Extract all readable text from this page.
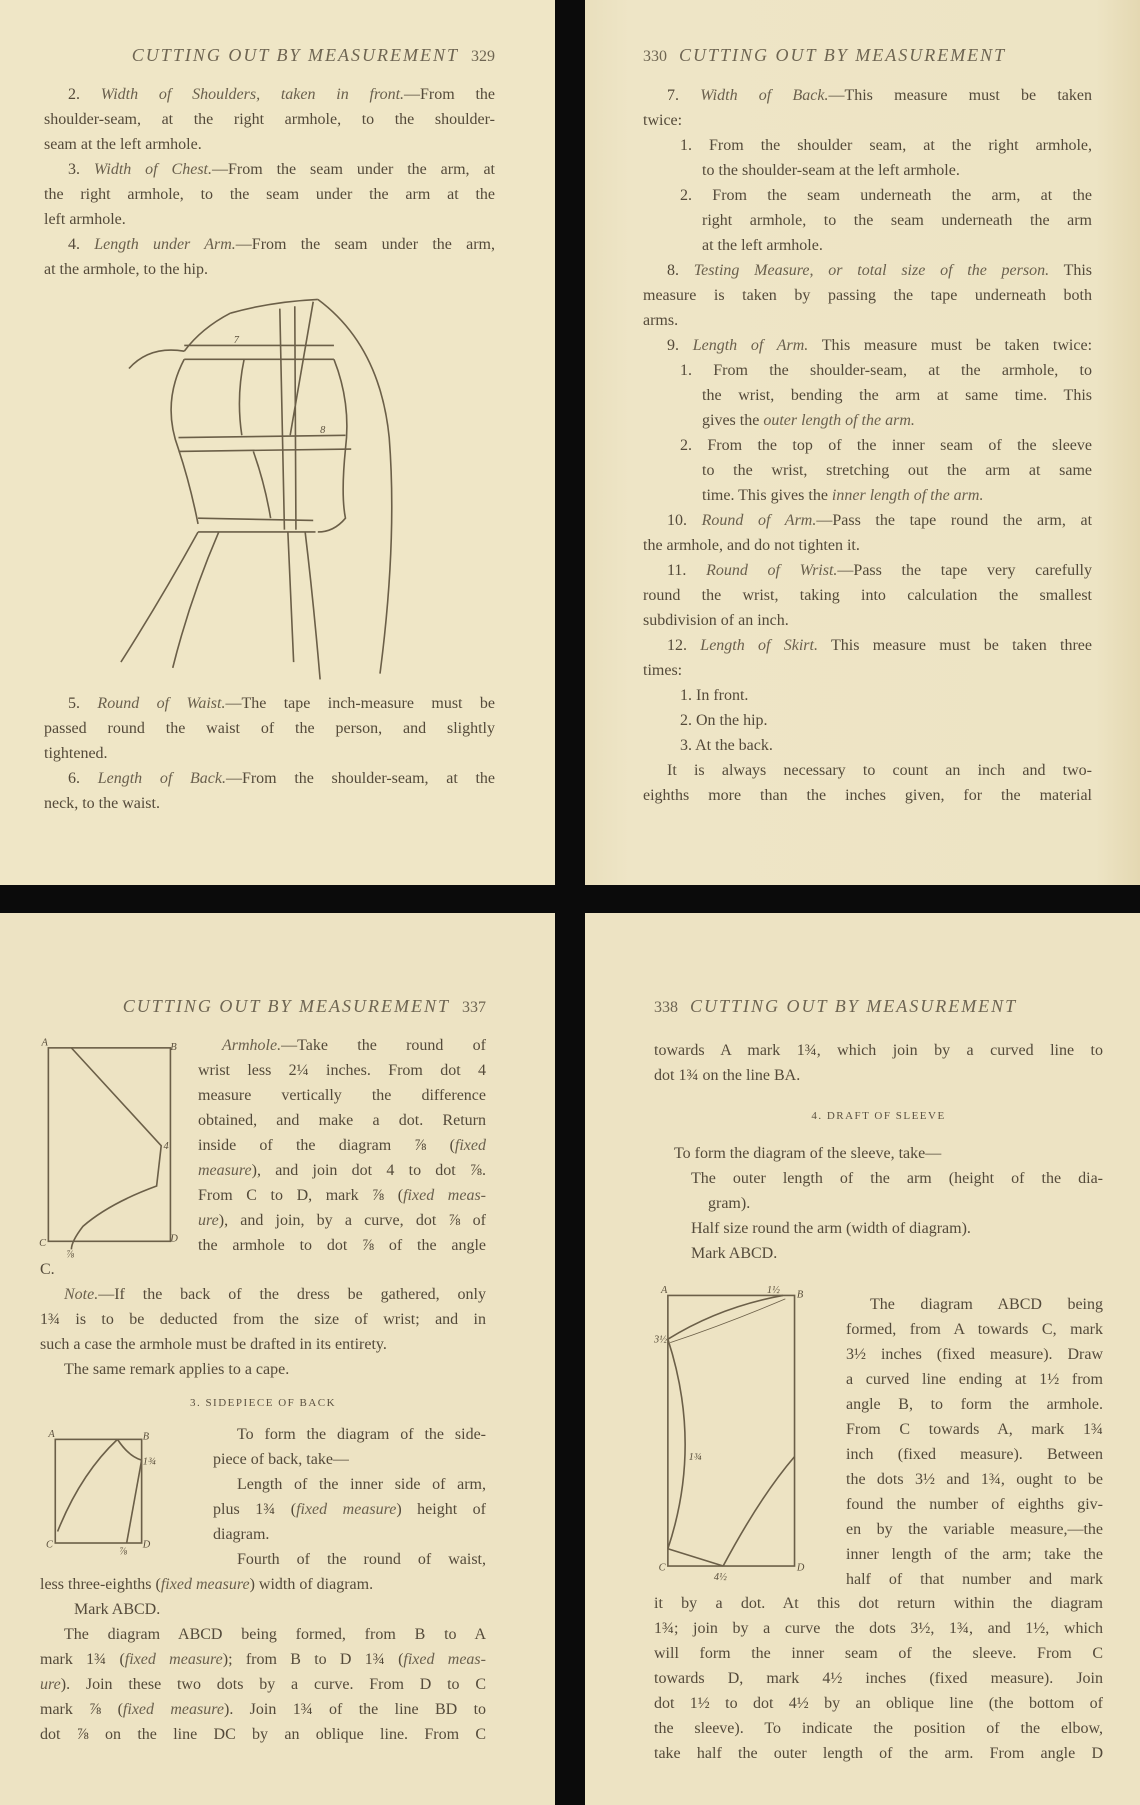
CUTTING OUT BY MEASUREMENT 329
2. Width of Shoulders, taken in front.—From the
shoulder-seam, at the right armhole, to the shoulder-
seam at the left armhole.
3. Width of Chest.—From the seam under the arm, at
the right armhole, to the seam under the arm at the
left armhole.
4. Length under Arm.—From the seam under the arm,
at the armhole, to the hip.
5. Round of Waist.—The tape inch-measure must be
passed round the waist of the person, and slightly
tightened.
6. Length of Back.—From the shoulder-seam, at the
neck, to the waist.
330 CUTTING OUT BY MEASUREMENT
7. Width of Back.—This measure must be taken
twice:
1. From the shoulder seam, at the right armhole,
to the shoulder-seam at the left armhole.
2. From the seam underneath the arm, at the
right armhole, to the seam underneath the arm
at the left armhole.
8. Testing Measure, or total size of the person. This
measure is taken by passing the tape underneath both
arms.
9. Length of Arm. This measure must be taken twice:
1. From the shoulder-seam, at the armhole, to
the wrist, bending the arm at same time. This
gives the outer length of the arm.
2. From the top of the inner seam of the sleeve
to the wrist, stretching out the arm at same
time. This gives the inner length of the arm.
10. Round of Arm.—Pass the tape round the arm, at
the armhole, and do not tighten it.
11. Round of Wrist.—Pass the tape very carefully
round the wrist, taking into calculation the smallest
subdivision of an inch.
12. Length of Skirt. This measure must be taken three
times:
1. In front.
2. On the hip.
3. At the back.
It is always necessary to count an inch and two-
eighths more than the inches given, for the material
CUTTING OUT BY MEASUREMENT 337
Armhole.—Take the round of
wrist less 2¼ inches. From dot 4
measure vertically the difference
obtained, and make a dot. Return
inside of the diagram ⅞ (fixed
measure), and join dot 4 to dot ⅞.
From C to D, mark ⅞ (fixed meas-
ure), and join, by a curve, dot ⅞ of
the armhole to dot ⅞ of the angle
C.
Note.—If the back of the dress be gathered, only
1¾ is to be deducted from the size of wrist; and in
such a case the armhole must be drafted in its entirety.
The same remark applies to a cape.
3. SIDEPIECE OF BACK
To form the diagram of the side-
piece of back, take—
Length of the inner side of arm,
plus 1¾ (fixed measure) height of
diagram.
Fourth of the round of waist,
less three-eighths (fixed measure) width of diagram.
Mark ABCD.
The diagram ABCD being formed, from B to A
mark 1¾ (fixed measure); from B to D 1¾ (fixed meas-
ure). Join these two dots by a curve. From D to C
mark ⅞ (fixed measure). Join 1¾ of the line BD to
dot ⅞ on the line DC by an oblique line. From C
338 CUTTING OUT BY MEASUREMENT
towards A mark 1¾, which join by a curved line to
dot 1¾ on the line BA.
4. DRAFT OF SLEEVE
To form the diagram of the sleeve, take—
The outer length of the arm (height of the dia-
gram).
Half size round the arm (width of diagram).
Mark ABCD.
The diagram ABCD being
formed, from A towards C, mark
3½ inches (fixed measure). Draw
a curved line ending at 1½ from
angle B, to form the armhole.
From C towards A, mark 1¾
inch (fixed measure). Between
the dots 3½ and 1¾, ought to be
found the number of eighths giv-
en by the variable measure,—the
inner length of the arm; take the
half of that number and mark
it by a dot. At this dot return within the diagram
1¾; join by a curve the dots 3½, 1¾, and 1½, which
will form the inner seam of the sleeve. From C
towards D, mark 4½ inches (fixed measure). Join
dot 1½ to dot 4½ by an oblique line (the bottom of
the sleeve). To indicate the position of the elbow,
take half the outer length of the arm. From angle D
7
8
A	B
C	D
4
⅞
A	B
C	D
1¾
⅞
A	B
C	D
3½
1½
1¾
4½
